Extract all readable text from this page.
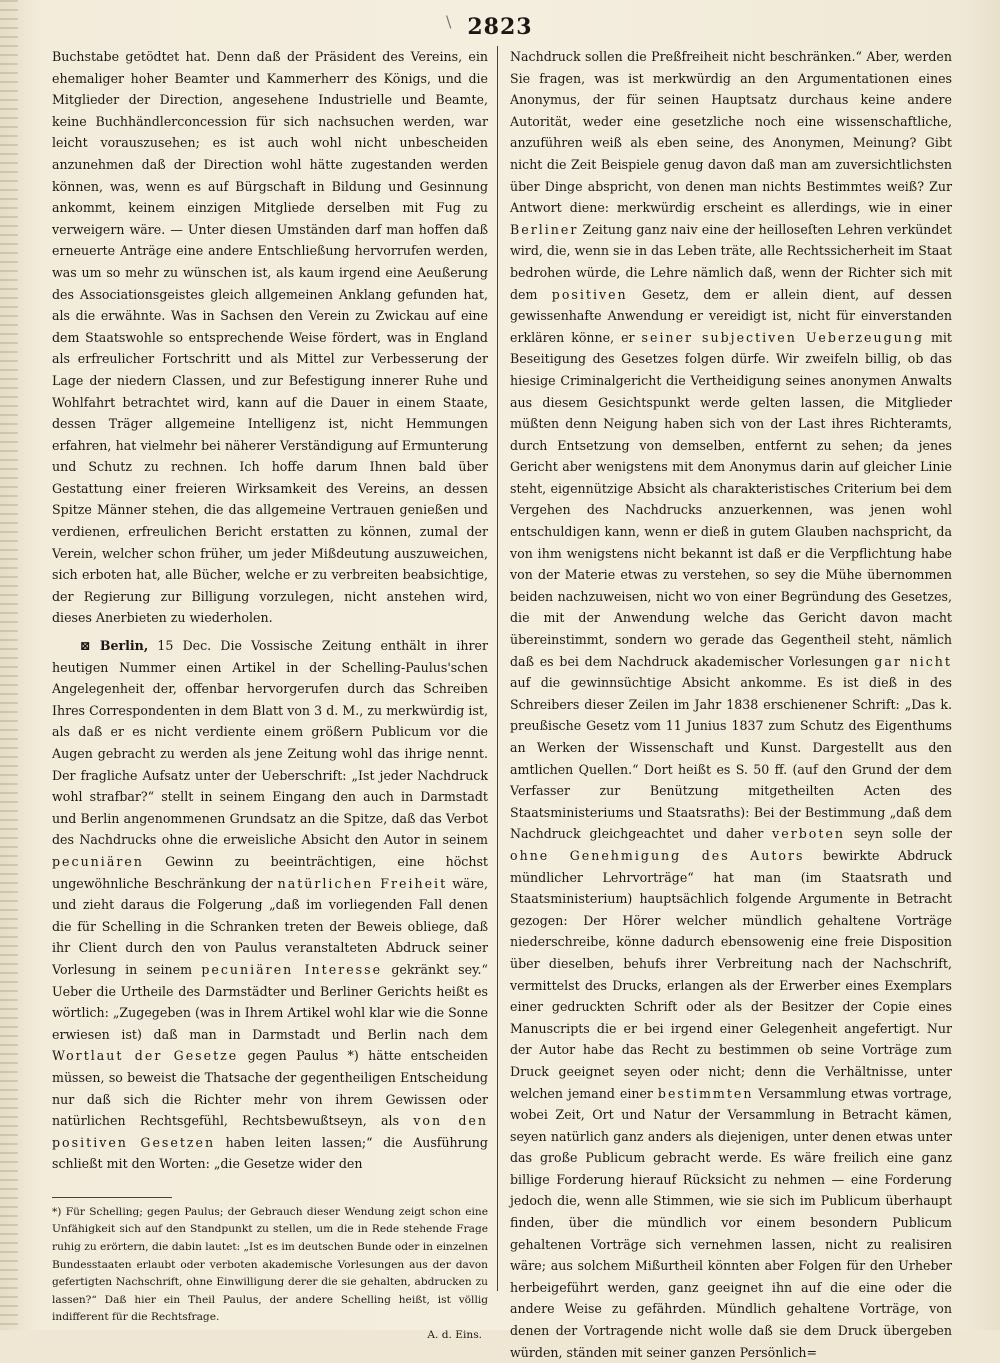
\ 2823

Buchstabe getödtet hat. Denn daß der Präsident des Vereins, ein ehemaliger hoher Beamter und Kammerherr des Königs, und die Mitglieder der Direction, angesehene Industrielle und Beamte, keine Buchhändlerconcession für sich nachsuchen werden, war leicht vorauszusehen; es ist auch wohl nicht unbescheiden anzunehmen daß der Direction wohl hätte zugestanden werden können, was, wenn es auf Bürgschaft in Bildung und Gesinnung ankommt, keinem einzigen Mitgliede derselben mit Fug zu verweigern wäre. — Unter diesen Umständen darf man hoffen daß erneuerte Anträge eine andere Entschließung hervorrufen werden, was um so mehr zu wünschen ist, als kaum irgend eine Aeußerung des Associationsgeistes gleich allgemeinen Anklang gefunden hat, als die erwähnte. Was in Sachsen den Verein zu Zwickau auf eine dem Staatswohle so entsprechende Weise fördert, was in England als erfreulicher Fortschritt und als Mittel zur Verbesserung der Lage der niedern Classen, und zur Befestigung innerer Ruhe und Wohlfahrt betrachtet wird, kann auf die Dauer in einem Staate, dessen Träger allgemeine Intelligenz ist, nicht Hemmungen erfahren, hat vielmehr bei näherer Verständigung auf Ermunterung und Schutz zu rechnen. Ich hoffe darum Ihnen bald über Gestattung einer freieren Wirksamkeit des Vereins, an dessen Spitze Männer stehen, die das allgemeine Vertrauen genießen und verdienen, erfreulichen Bericht erstatten zu können, zumal der Verein, welcher schon früher, um jeder Mißdeutung auszuweichen, sich erboten hat, alle Bücher, welche er zu verbreiten beabsichtige, der Regierung zur Billigung vorzulegen, nicht anstehen wird, dieses Anerbieten zu wiederholen.

⊠ Berlin, 15 Dec. Die Vossische Zeitung enthält in ihrer heutigen Nummer einen Artikel in der Schelling-Paulus'schen Angelegenheit der, offenbar hervorgerufen durch das Schreiben Ihres Correspondenten in dem Blatt von 3 d. M., zu merkwürdig ist, als daß er es nicht verdiente einem größern Publicum vor die Augen gebracht zu werden als jene Zeitung wohl das ihrige nennt. Der fragliche Aufsatz unter der Ueberschrift: „Ist jeder Nachdruck wohl strafbar?“ stellt in seinem Eingang den auch in Darmstadt und Berlin angenommenen Grundsatz an die Spitze, daß das Verbot des Nachdrucks ohne die erweisliche Absicht den Autor in seinem pecuniären Gewinn zu beeinträchtigen, eine höchst ungewöhnliche Beschränkung der natürlichen Freiheit wäre, und zieht daraus die Folgerung „daß im vorliegenden Fall denen die für Schelling in die Schranken treten der Beweis obliege, daß ihr Client durch den von Paulus veranstalteten Abdruck seiner Vorlesung in seinem pecuniären Interesse gekränkt sey.“ Ueber die Urtheile des Darmstädter und Berliner Gerichts heißt es wörtlich: „Zugegeben (was in Ihrem Artikel wohl klar wie die Sonne erwiesen ist) daß man in Darmstadt und Berlin nach dem Wortlaut der Gesetze gegen Paulus *) hätte entscheiden müssen, so beweist die Thatsache der gegentheiligen Entscheidung nur daß sich die Richter mehr von ihrem Gewissen oder natürlichen Rechtsgefühl, Rechtsbewußtseyn, als von den positiven Gesetzen haben leiten lassen;“ die Ausführung schließt mit den Worten: „die Gesetze wider den

*) Für Schelling; gegen Paulus; der Gebrauch dieser Wendung zeigt schon eine Unfähigkeit sich auf den Standpunkt zu stellen, um die in Rede stehende Frage ruhig zu erörtern, die dabin lautet: „Ist es im deutschen Bunde oder in einzelnen Bundesstaaten erlaubt oder verboten akademische Vorlesungen aus der davon gefertigten Nachschrift, ohne Einwilligung derer die sie gehalten, abdrucken zu lassen?“ Daß hier ein Theil Paulus, der andere Schelling heißt, ist völlig indifferent für die Rechtsfrage.
A. d. Eins.

Nachdruck sollen die Preßfreiheit nicht beschränken.“ Aber, werden Sie fragen, was ist merkwürdig an den Argumentationen eines Anonymus, der für seinen Hauptsatz durchaus keine andere Autorität, weder eine gesetzliche noch eine wissenschaftliche, anzuführen weiß als eben seine, des Anonymen, Meinung? Gibt nicht die Zeit Beispiele genug davon daß man am zuversichtlichsten über Dinge abspricht, von denen man nichts Bestimmtes weiß? Zur Antwort diene: merkwürdig erscheint es allerdings, wie in einer Berliner Zeitung ganz naiv eine der heilloseſten Lehren verkündet wird, die, wenn sie in das Leben träte, alle Rechtssicherheit im Staat bedrohen würde, die Lehre nämlich daß, wenn der Richter sich mit dem positiven Gesetz, dem er allein dient, auf dessen gewissenhafte Anwendung er vereidigt ist, nicht für einverstanden erklären könne, er seiner subjectiven Ueberzeugung mit Beseitigung des Gesetzes folgen dürfe. Wir zweifeln billig, ob das hiesige Criminalgericht die Vertheidigung seines anonymen Anwalts aus diesem Gesichtspunkt werde gelten lassen, die Mitglieder müßten denn Neigung haben sich von der Last ihres Richteramts, durch Entsetzung von demselben, entfernt zu sehen; da jenes Gericht aber wenigstens mit dem Anonymus darin auf gleicher Linie steht, eigennützige Absicht als charakteristisches Criterium bei dem Vergehen des Nachdrucks anzuerkennen, was jenen wohl entschuldigen kann, wenn er dieß in gutem Glauben nachspricht, da von ihm wenigstens nicht bekannt ist daß er die Verpflichtung habe von der Materie etwas zu verstehen, so sey die Mühe übernommen beiden nachzuweisen, nicht wo von einer Begründung des Gesetzes, die mit der Anwendung welche das Gericht davon macht übereinstimmt, sondern wo gerade das Gegentheil steht, nämlich daß es bei dem Nachdruck akademischer Vorlesungen gar nicht auf die gewinnsüchtige Absicht ankomme. Es ist dieß in des Schreibers dieser Zeilen im Jahr 1838 erschienener Schrift: „Das k. preußische Gesetz vom 11 Junius 1837 zum Schutz des Eigenthums an Werken der Wissenschaft und Kunst. Dargestellt aus den amtlichen Quellen.“ Dort heißt es S. 50 ff. (auf den Grund der dem Verfasser zur Benützung mitgetheilten Acten des Staatsministeriums und Staatsraths): Bei der Bestimmung „daß dem Nachdruck gleichgeachtet und daher verboten seyn solle der ohne Genehmigung des Autors bewirkte Abdruck mündlicher Lehrvorträge“ hat man (im Staatsrath und Staatsministerium) hauptsächlich folgende Argumente in Betracht gezogen: Der Hörer welcher mündlich gehaltene Vorträge niederschreibe, könne dadurch ebensowenig eine freie Disposition über dieselben, behufs ihrer Verbreitung nach der Nachschrift, vermittelst des Drucks, erlangen als der Erwerber eines Exemplars einer gedruckten Schrift oder als der Besitzer der Copie eines Manuscripts die er bei irgend einer Gelegenheit angefertigt. Nur der Autor habe das Recht zu bestimmen ob seine Vorträge zum Druck geeignet seyen oder nicht; denn die Verhältnisse, unter welchen jemand einer bestimmten Versammlung etwas vortrage, wobei Zeit, Ort und Natur der Versammlung in Betracht kämen, seyen natürlich ganz anders als diejenigen, unter denen etwas unter das große Publicum gebracht werde. Es wäre freilich eine ganz billige Forderung hierauf Rücksicht zu nehmen — eine Forderung jedoch die, wenn alle Stimmen, wie sie sich im Publicum überhaupt finden, über die mündlich vor einem besondern Publicum gehaltenen Vorträge sich vernehmen lassen, nicht zu realisiren wäre; aus solchem Mißurtheil könnten aber Folgen für den Urheber herbeigeführt werden, ganz geeignet ihn auf die eine oder die andere Weise zu gefährden. Mündlich gehaltene Vorträge, von denen der Vortragende nicht wolle daß sie dem Druck übergeben würden, ständen mit seiner ganzen Persönlich=
